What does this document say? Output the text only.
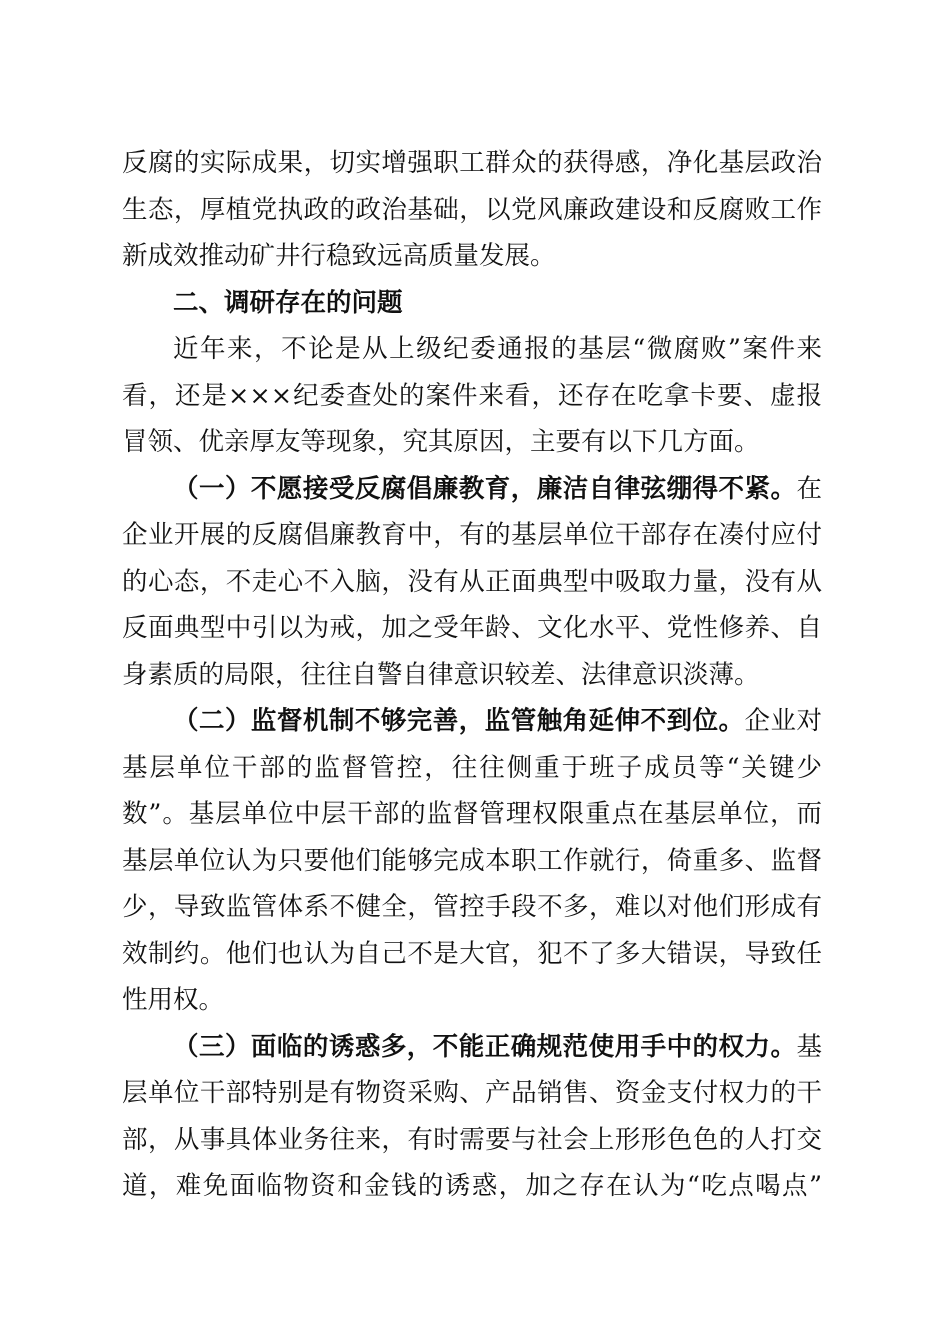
反腐的实际成果，切实增强职工群众的获得感，净化基层政治
生态，厚植党执政的政治基础，以党风廉政建设和反腐败工作
新成效推动矿井行稳致远高质量发展。
二、调研存在的问题
近年来，不论是从上级纪委通报的基层“微腐败”案件来
看，还是×××纪委查处的案件来看，还存在吃拿卡要、虚报
冒领、优亲厚友等现象，究其原因，主要有以下几方面。
（一）不愿接受反腐倡廉教育，廉洁自律弦绷得不紧。在
企业开展的反腐倡廉教育中，有的基层单位干部存在凑付应付
的心态，不走心不入脑，没有从正面典型中吸取力量，没有从
反面典型中引以为戒，加之受年龄、文化水平、党性修养、自
身素质的局限，往往自警自律意识较差、法律意识淡薄。
（二）监督机制不够完善，监管触角延伸不到位。企业对
基层单位干部的监督管控，往往侧重于班子成员等“关键少
数”。基层单位中层干部的监督管理权限重点在基层单位，而
基层单位认为只要他们能够完成本职工作就行，倚重多、监督
少，导致监管体系不健全，管控手段不多，难以对他们形成有
效制约。他们也认为自己不是大官，犯不了多大错误，导致任
性用权。
（三）面临的诱惑多，不能正确规范使用手中的权力。基
层单位干部特别是有物资采购、产品销售、资金支付权力的干
部，从事具体业务往来，有时需要与社会上形形色色的人打交
道，难免面临物资和金钱的诱惑，加之存在认为“吃点喝点”
